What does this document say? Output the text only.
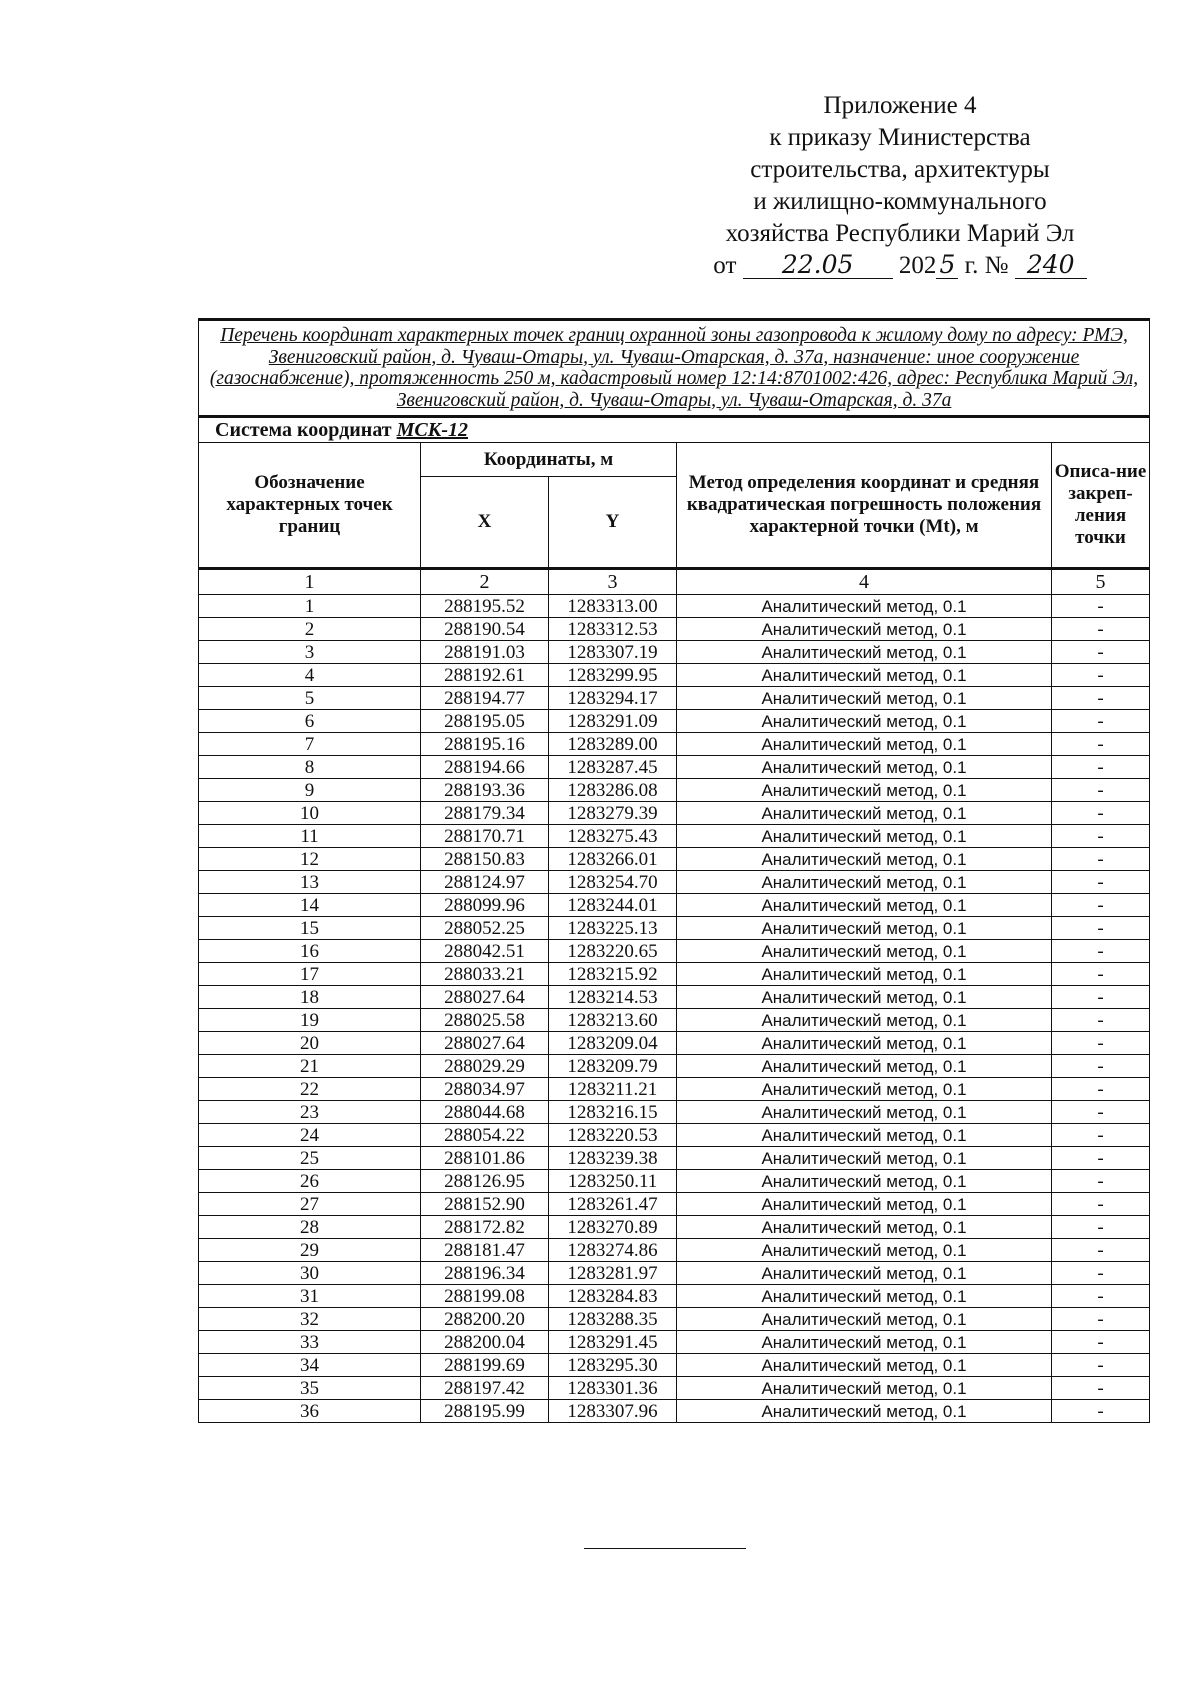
Приложение 4
к приказу Министерства
строительства, архитектуры
и жилищно-коммунального
хозяйства Республики Марий Эл
от 22.05 202 5 г. № 240
Перечень координат характерных точек границ охранной зоны газопровода к жилому дому по адресу: РМЭ, Звениговский район, д. Чуваш-Отары, ул. Чуваш-Отарская, д. 37а, назначение: иное сооружение (газоснабжение), протяженность 250 м, кадастровый номер 12:14:8701002:426, адрес: Республика Марий Эл, Звениговский район, д. Чуваш-Отары, ул. Чуваш-Отарская, д. 37а				
Система координат МСК-12				
Обозначение характерных точек границ	Координаты, м		Метод определения координат и средняя квадратическая погрешность положения характерной точки (Mt), м	Описа-ние закреп-ления точки
	X	Y		
1	2	3	4	5
1	288195.52	1283313.00	Аналитический метод, 0.1	-
2	288190.54	1283312.53	Аналитический метод, 0.1	-
3	288191.03	1283307.19	Аналитический метод, 0.1	-
4	288192.61	1283299.95	Аналитический метод, 0.1	-
5	288194.77	1283294.17	Аналитический метод, 0.1	-
6	288195.05	1283291.09	Аналитический метод, 0.1	-
7	288195.16	1283289.00	Аналитический метод, 0.1	-
8	288194.66	1283287.45	Аналитический метод, 0.1	-
9	288193.36	1283286.08	Аналитический метод, 0.1	-
10	288179.34	1283279.39	Аналитический метод, 0.1	-
11	288170.71	1283275.43	Аналитический метод, 0.1	-
12	288150.83	1283266.01	Аналитический метод, 0.1	-
13	288124.97	1283254.70	Аналитический метод, 0.1	-
14	288099.96	1283244.01	Аналитический метод, 0.1	-
15	288052.25	1283225.13	Аналитический метод, 0.1	-
16	288042.51	1283220.65	Аналитический метод, 0.1	-
17	288033.21	1283215.92	Аналитический метод, 0.1	-
18	288027.64	1283214.53	Аналитический метод, 0.1	-
19	288025.58	1283213.60	Аналитический метод, 0.1	-
20	288027.64	1283209.04	Аналитический метод, 0.1	-
21	288029.29	1283209.79	Аналитический метод, 0.1	-
22	288034.97	1283211.21	Аналитический метод, 0.1	-
23	288044.68	1283216.15	Аналитический метод, 0.1	-
24	288054.22	1283220.53	Аналитический метод, 0.1	-
25	288101.86	1283239.38	Аналитический метод, 0.1	-
26	288126.95	1283250.11	Аналитический метод, 0.1	-
27	288152.90	1283261.47	Аналитический метод, 0.1	-
28	288172.82	1283270.89	Аналитический метод, 0.1	-
29	288181.47	1283274.86	Аналитический метод, 0.1	-
30	288196.34	1283281.97	Аналитический метод, 0.1	-
31	288199.08	1283284.83	Аналитический метод, 0.1	-
32	288200.20	1283288.35	Аналитический метод, 0.1	-
33	288200.04	1283291.45	Аналитический метод, 0.1	-
34	288199.69	1283295.30	Аналитический метод, 0.1	-
35	288197.42	1283301.36	Аналитический метод, 0.1	-
36	288195.99	1283307.96	Аналитический метод, 0.1	-
